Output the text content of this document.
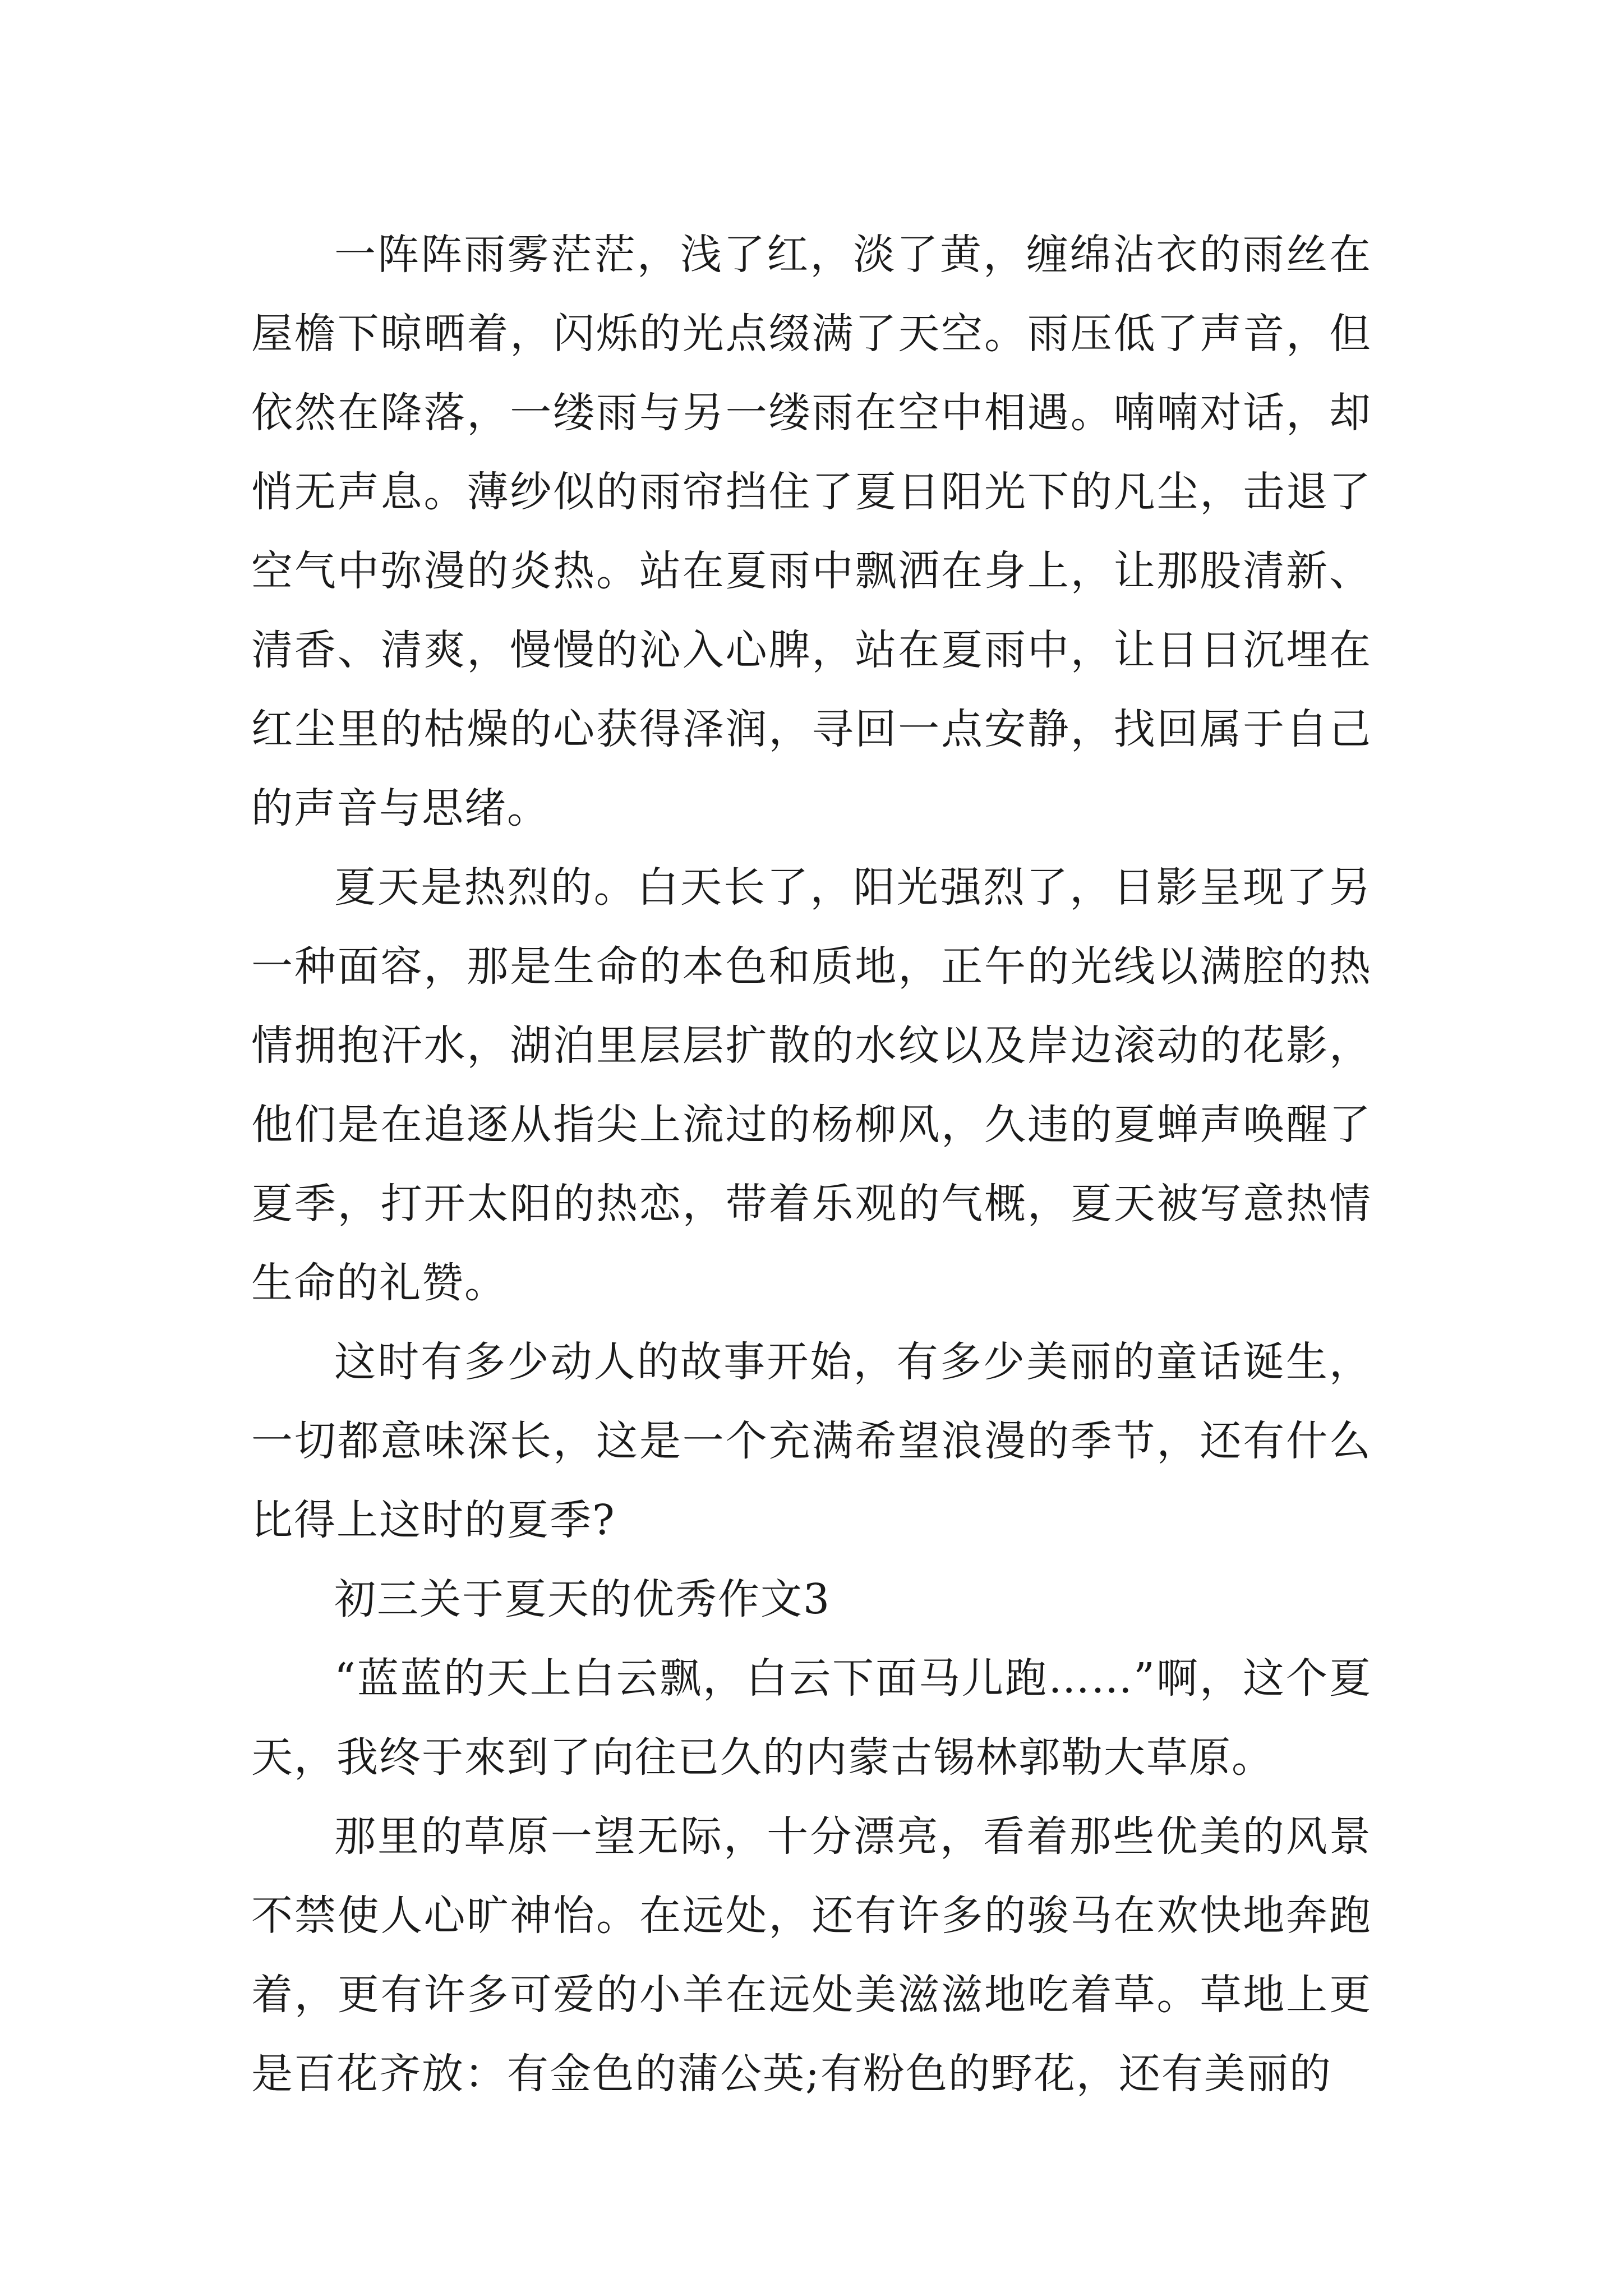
一阵阵雨雾茫茫，浅了红，淡了黄，缠绵沾衣的雨丝在屋檐下晾晒着，闪烁的光点缀满了天空。雨压低了声音，但依然在降落，一缕雨与另一缕雨在空中相遇。喃喃对话，却悄无声息。薄纱似的雨帘挡住了夏日阳光下的凡尘，击退了空气中弥漫的炎热。站在夏雨中飘洒在身上，让那股清新、清香、清爽，慢慢的沁入心脾，站在夏雨中，让日日沉埋在红尘里的枯燥的心获得泽润，寻回一点安静，找回属于自己的声音与思绪。

夏天是热烈的。白天长了，阳光强烈了，日影呈现了另一种面容，那是生命的本色和质地，正午的光线以满腔的热情拥抱汗水，湖泊里层层扩散的水纹以及岸边滚动的花影，他们是在追逐从指尖上流过的杨柳风，久违的夏蝉声唤醒了夏季，打开太阳的热恋，带着乐观的气概，夏天被写意热情生命的礼赞。

这时有多少动人的故事开始，有多少美丽的童话诞生，一切都意味深长，这是一个充满希望浪漫的季节，还有什么比得上这时的夏季?

初三关于夏天的优秀作文3

“蓝蓝的天上白云飘，白云下面马儿跑……”啊，这个夏天，我终于來到了向往已久的内蒙古锡林郭勒大草原。

那里的草原一望无际，十分漂亮，看着那些优美的风景不禁使人心旷神怡。在远处，还有许多的骏马在欢快地奔跑着，更有许多可爱的小羊在远处美滋滋地吃着草。草地上更是百花齐放：有金色的蒲公英;有粉色的野花，还有美丽的
